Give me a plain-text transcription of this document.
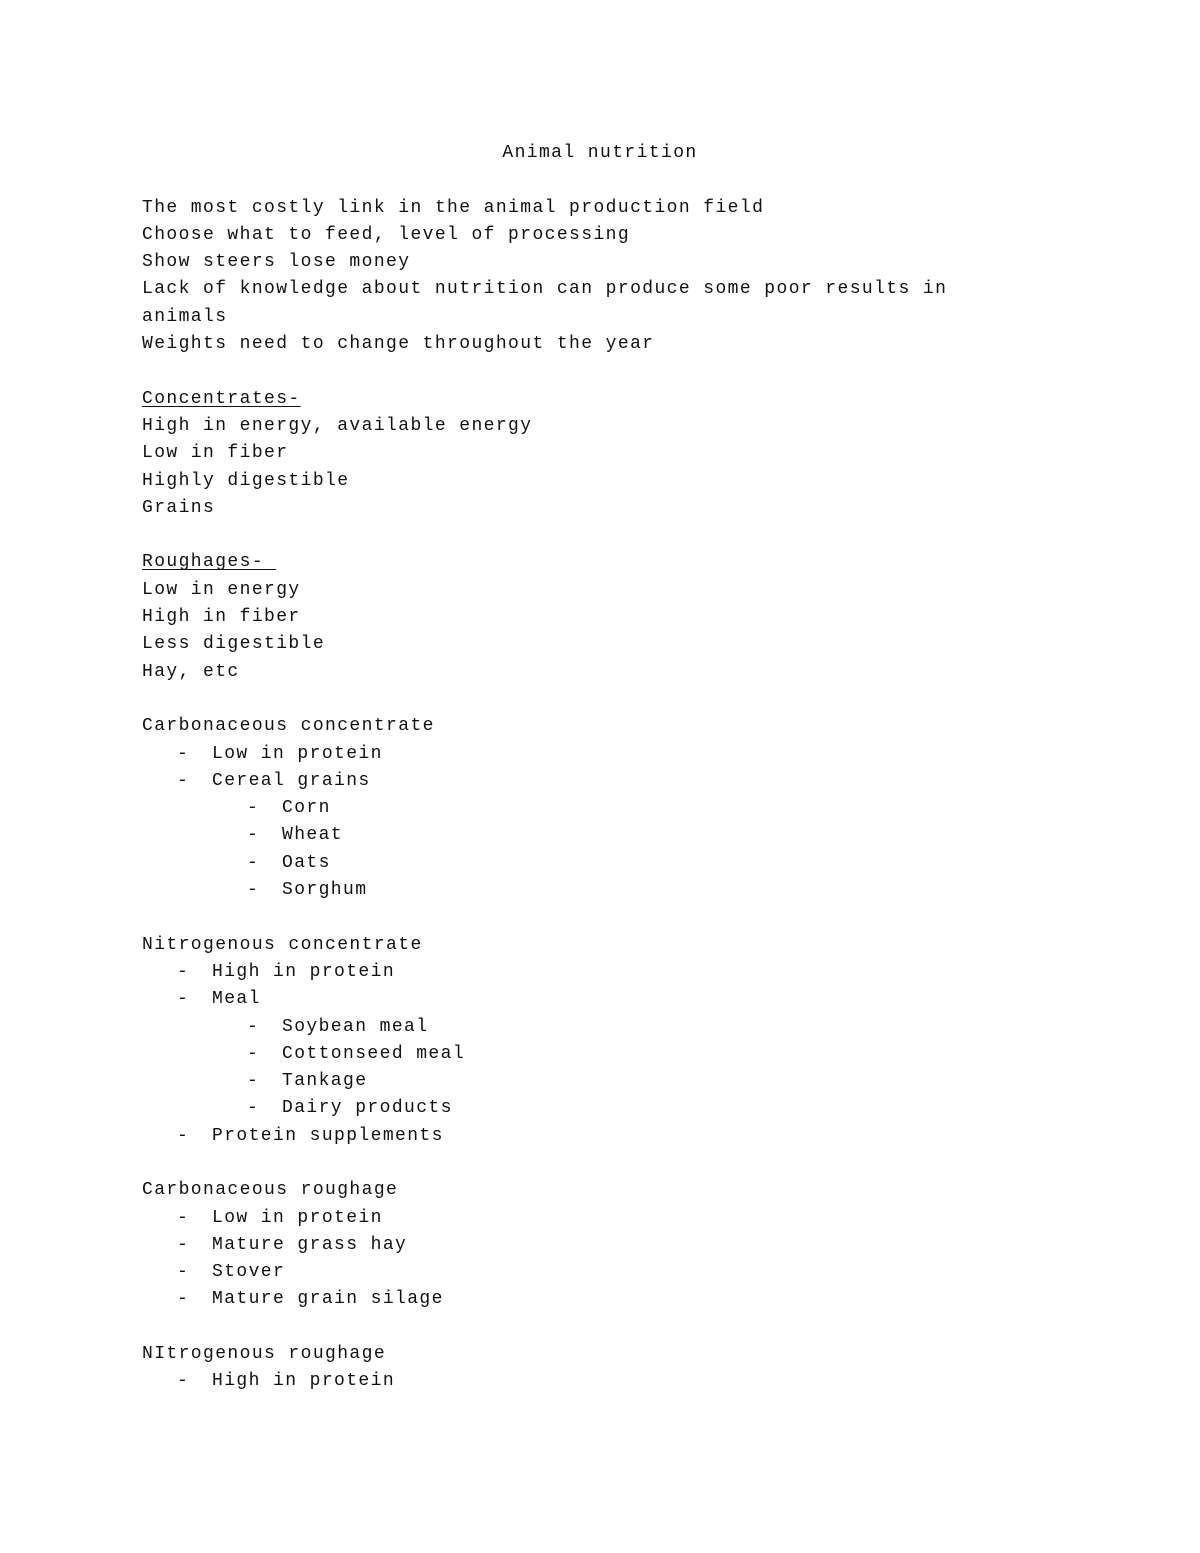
Animal nutrition
The most costly link in the animal production field
Choose what to feed, level of processing
Show steers lose money
Lack of knowledge about nutrition can produce some poor results in
animals
Weights need to change throughout the year
Concentrates-
High in energy, available energy
Low in fiber
Highly digestible
Grains
Roughages-
Low in energy
High in fiber
Less digestible
Hay, etc
Carbonaceous concentrate
- Low in protein
- Cereal grains
- Corn
- Wheat
- Oats
- Sorghum
Nitrogenous concentrate
- High in protein
- Meal
- Soybean meal
- Cottonseed meal
- Tankage
- Dairy products
- Protein supplements
Carbonaceous roughage
- Low in protein
- Mature grass hay
- Stover
- Mature grain silage
NItrogenous roughage
- High in protein
